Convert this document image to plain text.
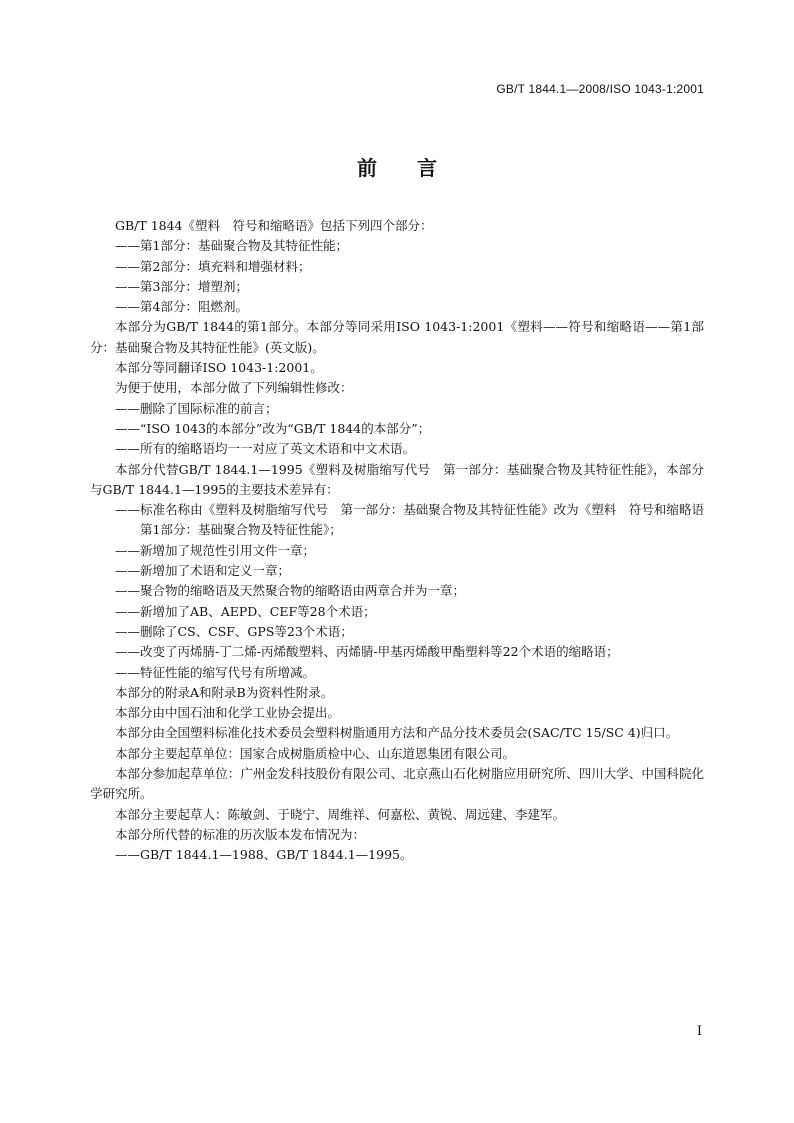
GB/T 1844.1—2008/ISO 1043-1:2001
前言

GB/T 1844《塑料　符号和缩略语》包括下列四个部分：

——第1部分：基础聚合物及其特征性能；

——第2部分：填充料和增强材料；

——第3部分：增塑剂；

——第4部分：阻燃剂。

本部分为GB/T 1844的第1部分。本部分等同采用ISO 1043-1:2001《塑料——符号和缩略语——第1部分：基础聚合物及其特征性能》(英文版)。

本部分等同翻译ISO 1043-1:2001。

为便于使用，本部分做了下列编辑性修改：

——删除了国际标准的前言；

——“ISO 1043的本部分”改为“GB/T 1844的本部分”；

——所有的缩略语均一一对应了英文术语和中文术语。

本部分代替GB/T 1844.1—1995《塑料及树脂缩写代号　第一部分：基础聚合物及其特征性能》，本部分与GB/T 1844.1—1995的主要技术差异有：

——标准名称由《塑料及树脂缩写代号　第一部分：基础聚合物及其特征性能》改为《塑料　符号和缩略语　第1部分：基础聚合物及特征性能》；

——新增加了规范性引用文件一章；

——新增加了术语和定义一章；

——聚合物的缩略语及天然聚合物的缩略语由两章合并为一章；

——新增加了AB、AEPD、CEF等28个术语；

——删除了CS、CSF、GPS等23个术语；

——改变了丙烯腈-丁二烯-丙烯酸塑料、丙烯腈-甲基丙烯酸甲酯塑料等22个术语的缩略语；

——特征性能的缩写代号有所增减。

本部分的附录A和附录B为资料性附录。

本部分由中国石油和化学工业协会提出。

本部分由全国塑料标准化技术委员会塑料树脂通用方法和产品分技术委员会(SAC/TC 15/SC 4)归口。

本部分主要起草单位：国家合成树脂质检中心、山东道恩集团有限公司。

本部分参加起草单位：广州金发科技股份有限公司、北京燕山石化树脂应用研究所、四川大学、中国科院化学研究所。

本部分主要起草人：陈敏剑、于晓宁、周维祥、何嘉松、黄锐、周远建、李建军。

本部分所代替的标准的历次版本发布情况为：

——GB/T 1844.1—1988、GB/T 1844.1—1995。

I
